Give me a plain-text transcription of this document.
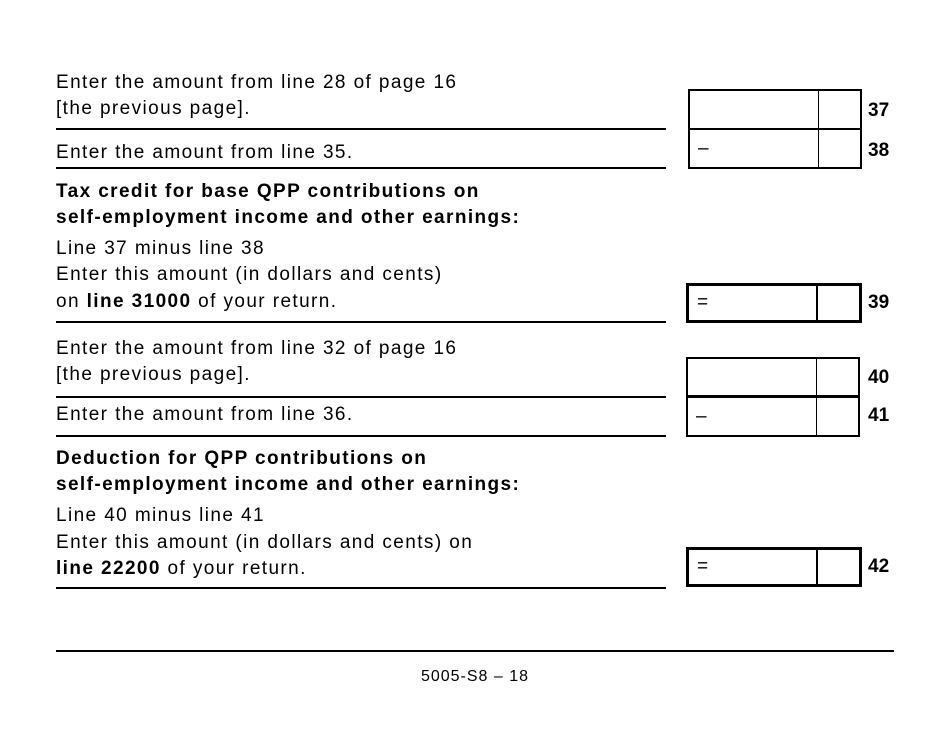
Enter the amount from line 28 of page 16
[the previous page].	37
Enter the amount from line 35.	–	38
Tax credit for base QPP contributions on
self-employment income and other earnings:
Line 37 minus line 38
Enter this amount (in dollars and cents)
on line 31000 of your return.	=	39
Enter the amount from line 32 of page 16
[the previous page].	40
Enter the amount from line 36.	–	41
Deduction for QPP contributions on
self-employment income and other earnings:
Line 40 minus line 41
Enter this amount (in dollars and cents) on
line 22200 of your return.	=	42
5005-S8 – 18
